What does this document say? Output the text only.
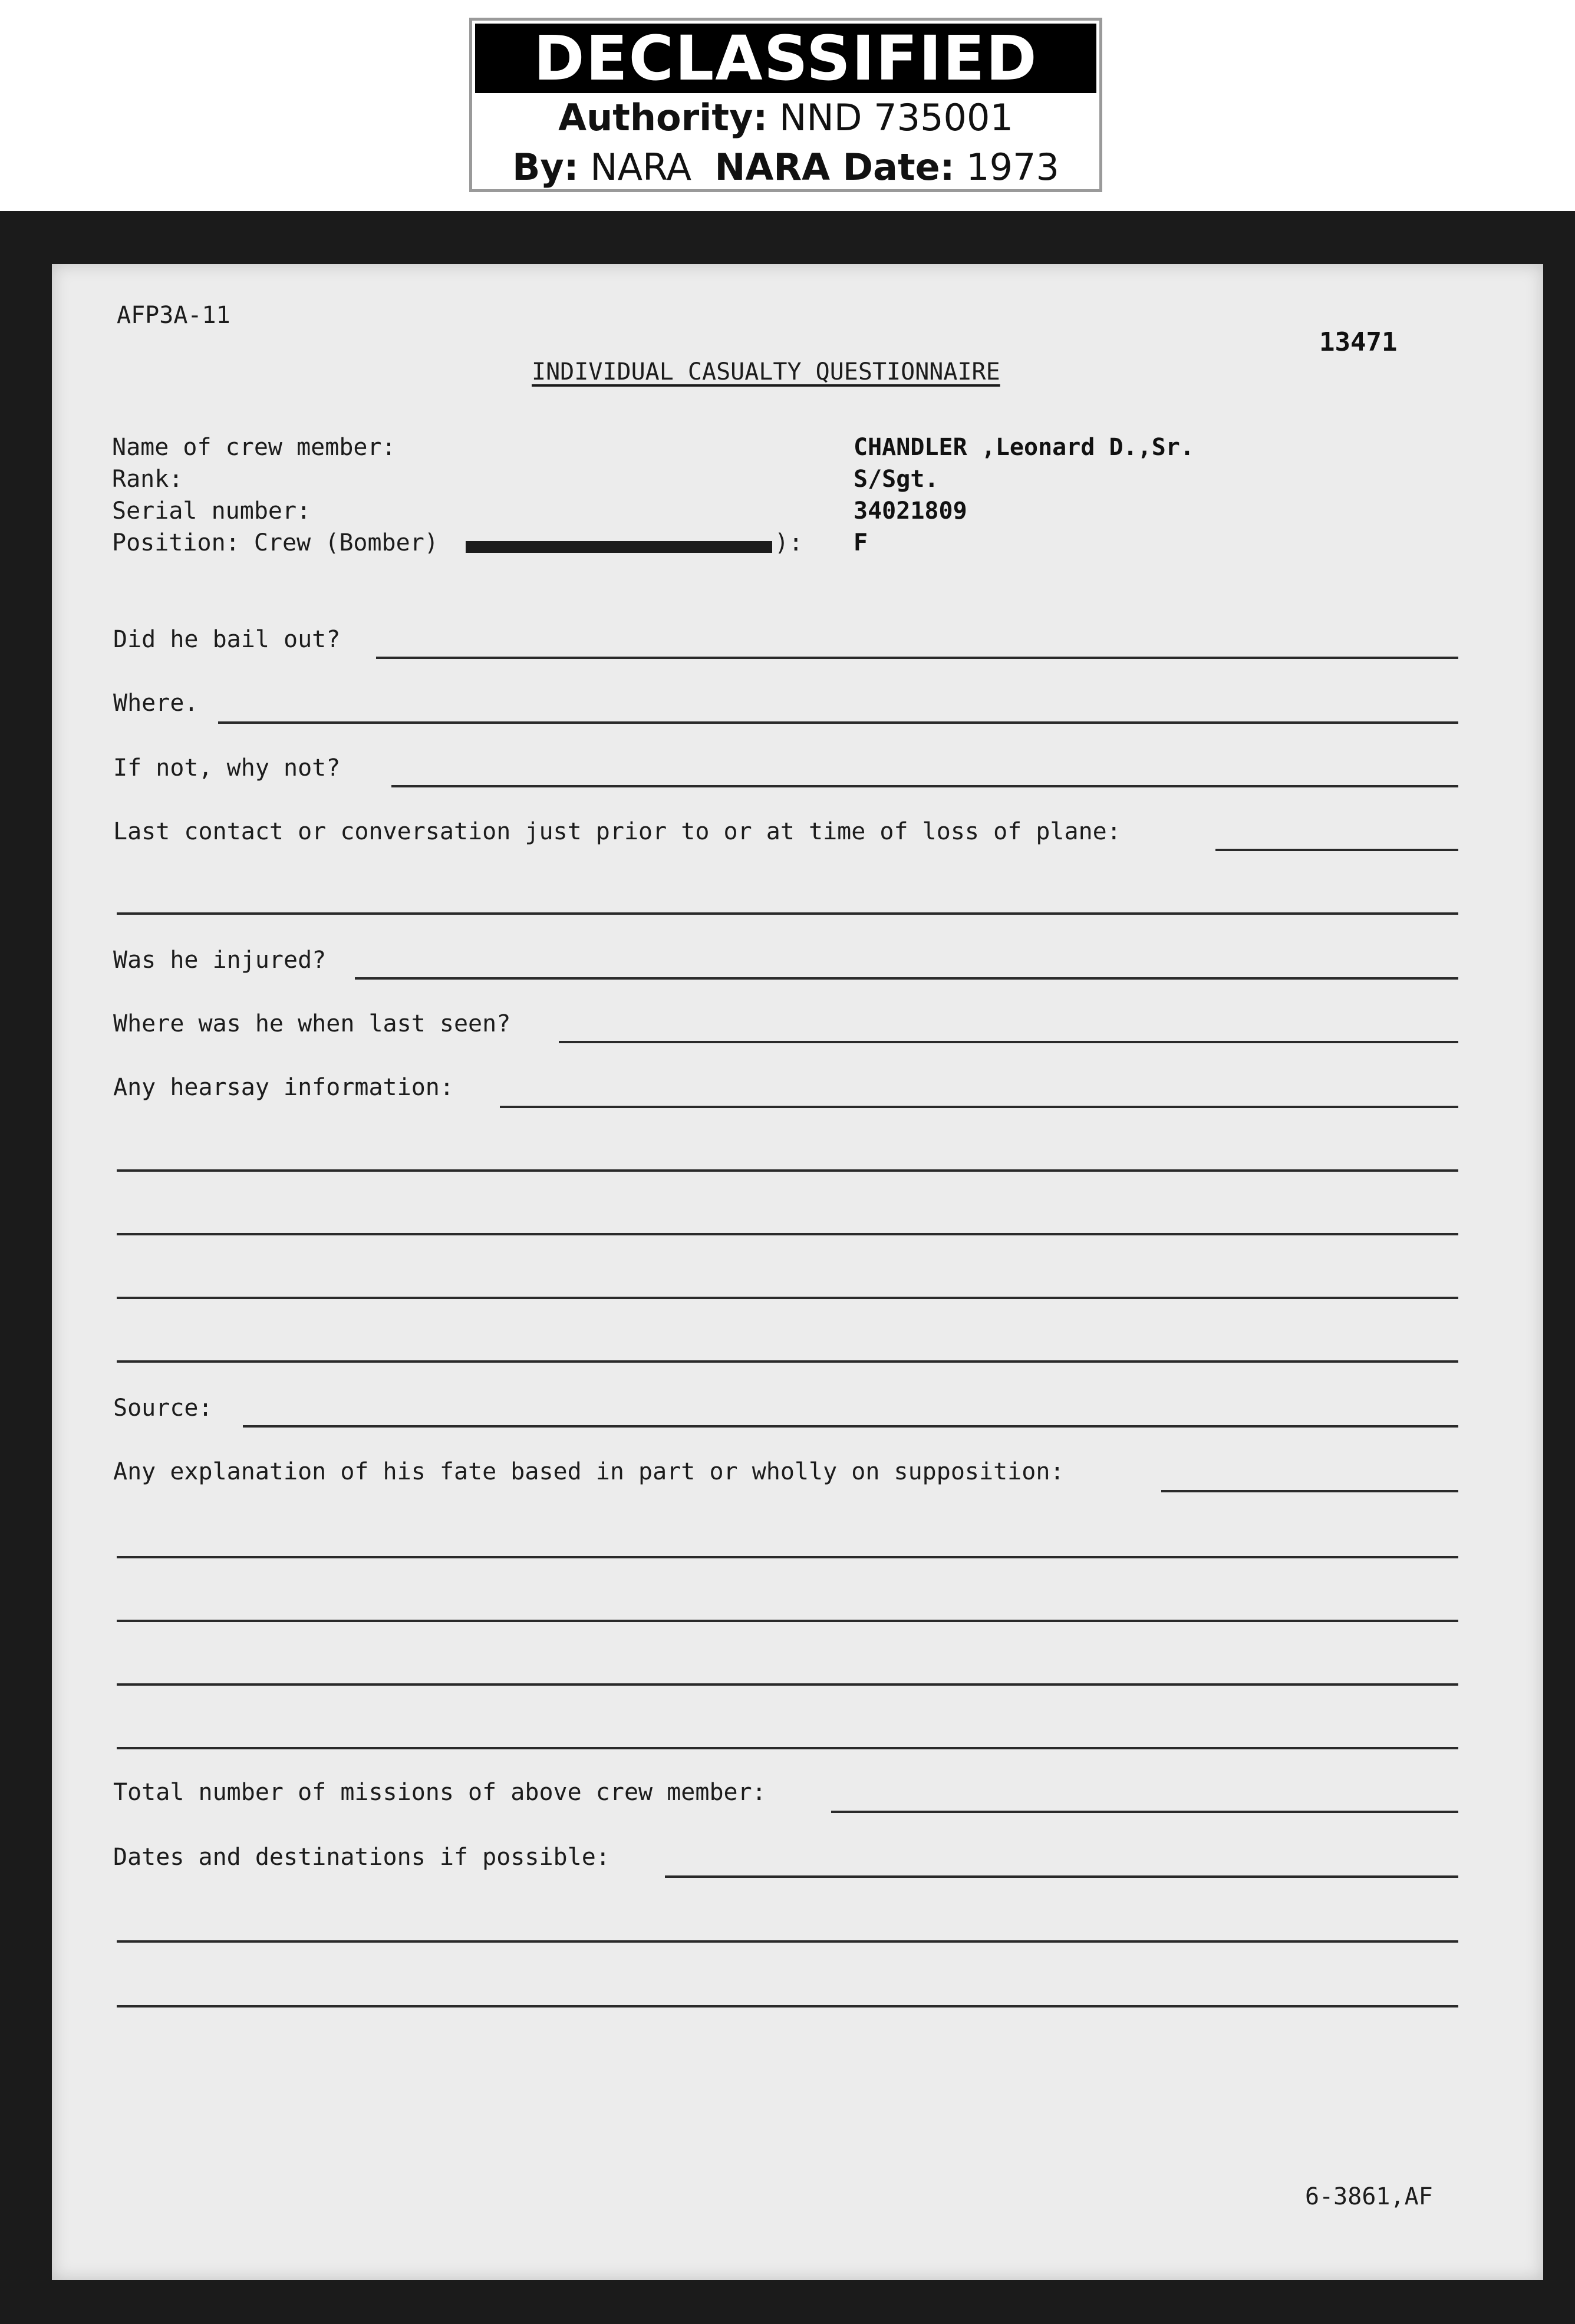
DECLASSIFIED
Authority: NND 735001
By: NARA NARA Date: 1973
AFP3A-11
13471
INDIVIDUAL CASUALTY QUESTIONNAIRE
Name of crew member:
Rank:
Serial number:
Position: Crew (Bomber)	):
CHANDLER ,Leonard D.,Sr.
S/Sgt.
34021809
F
Did he bail out?
Where.
If not, why not?
Last contact or conversation just prior to or at time of loss of plane:
Was he injured?
Where was he when last seen?
Any hearsay information:
Source:
Any explanation of his fate based in part or wholly on supposition:
Total number of missions of above crew member:
Dates and destinations if possible:
6-3861,AF
